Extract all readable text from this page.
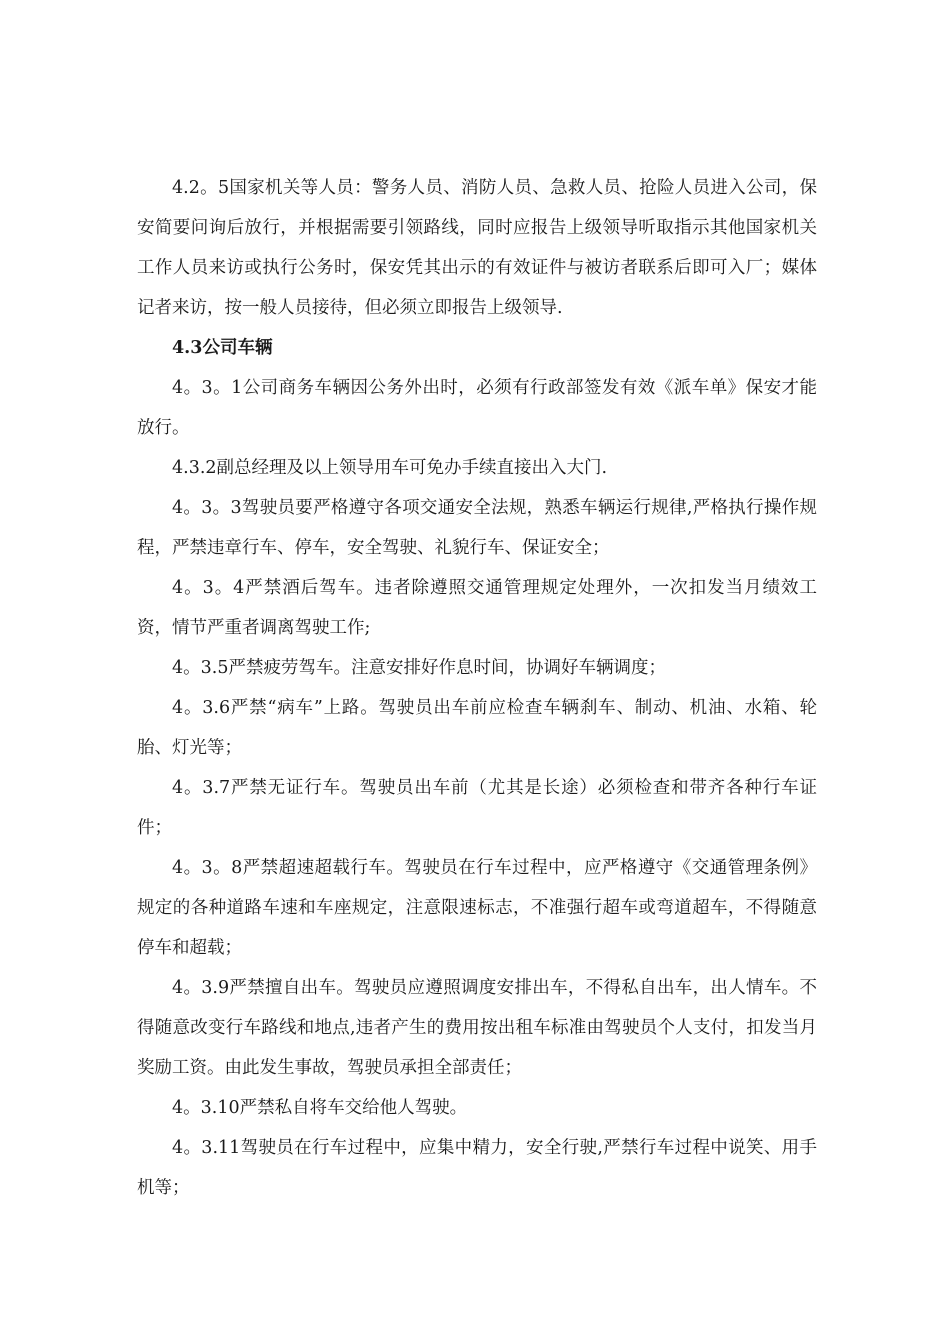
4.2。5国家机关等人员：警务人员、消防人员、急救人员、抢险人员进入公司，保安简要问询后放行，并根据需要引领路线，同时应报告上级领导听取指示其他国家机关工作人员来访或执行公务时，保安凭其出示的有效证件与被访者联系后即可入厂；媒体记者来访，按一般人员接待，但必须立即报告上级领导.

4.3公司车辆

4。3。1公司商务车辆因公务外出时，必须有行政部签发有效《派车单》保安才能放行。

4.3.2副总经理及以上领导用车可免办手续直接出入大门.

4。3。3驾驶员要严格遵守各项交通安全法规，熟悉车辆运行规律,严格执行操作规程，严禁违章行车、停车，安全驾驶、礼貌行车、保证安全；

4。3。4严禁酒后驾车。违者除遵照交通管理规定处理外，一次扣发当月绩效工资，情节严重者调离驾驶工作;

4。3.5严禁疲劳驾车。注意安排好作息时间，协调好车辆调度；

4。3.6严禁“病车”上路。驾驶员出车前应检查车辆刹车、制动、机油、水箱、轮胎、灯光等；

4。3.7严禁无证行车。驾驶员出车前（尤其是长途）必须检查和带齐各种行车证件；

4。3。8严禁超速超载行车。驾驶员在行车过程中，应严格遵守《交通管理条例》规定的各种道路车速和车座规定，注意限速标志，不准强行超车或弯道超车，不得随意停车和超载；

4。3.9严禁擅自出车。驾驶员应遵照调度安排出车，不得私自出车，出人情车。不得随意改变行车路线和地点,违者产生的费用按出租车标准由驾驶员个人支付，扣发当月奖励工资。由此发生事故，驾驶员承担全部责任；

4。3.10严禁私自将车交给他人驾驶。

4。3.11驾驶员在行车过程中，应集中精力，安全行驶,严禁行车过程中说笑、用手机等；
